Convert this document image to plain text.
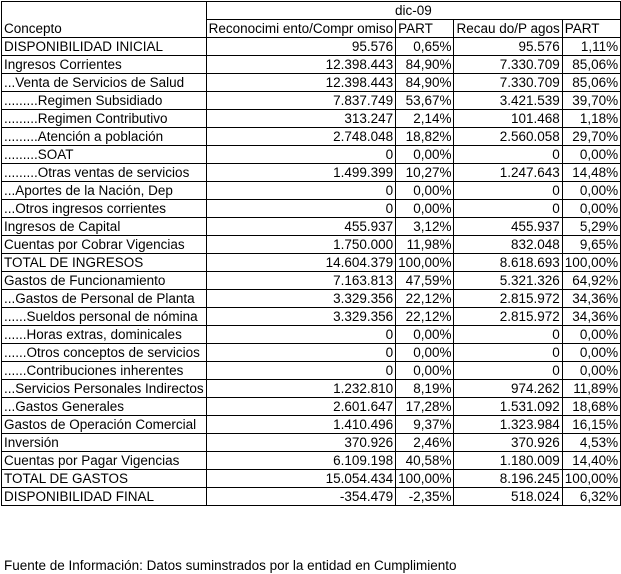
Concepto	dic-09			
	Reconocimi ento/Compr omiso	PART	Recau do/P agos	PART
DISPONIBILIDAD INICIAL	95.576	0,65%	95.576	1,11%
Ingresos Corrientes	12.398.443	84,90%	7.330.709	85,06%
...Venta de Servicios de Salud	12.398.443	84,90%	7.330.709	85,06%
.........Regimen Subsidiado	7.837.749	53,67%	3.421.539	39,70%
.........Regimen Contributivo	313.247	2,14%	101.468	1,18%
.........Atención a población	2.748.048	18,82%	2.560.058	29,70%
.........SOAT	0	0,00%	0	0,00%
.........Otras ventas de servicios	1.499.399	10,27%	1.247.643	14,48%
...Aportes de la Nación, Dep	0	0,00%	0	0,00%
...Otros ingresos corrientes	0	0,00%	0	0,00%
Ingresos de Capital	455.937	3,12%	455.937	5,29%
Cuentas por Cobrar Vigencias	1.750.000	11,98%	832.048	9,65%
TOTAL DE INGRESOS	14.604.379	100,00%	8.618.693	100,00%
Gastos de Funcionamiento	7.163.813	47,59%	5.321.326	64,92%
...Gastos de Personal de Planta	3.329.356	22,12%	2.815.972	34,36%
......Sueldos personal de nómina	3.329.356	22,12%	2.815.972	34,36%
......Horas extras, dominicales	0	0,00%	0	0,00%
......Otros conceptos de servicios	0	0,00%	0	0,00%
......Contribuciones inherentes	0	0,00%	0	0,00%
...Servicios Personales Indirectos	1.232.810	8,19%	974.262	11,89%
...Gastos Generales	2.601.647	17,28%	1.531.092	18,68%
Gastos de Operación Comercial	1.410.496	9,37%	1.323.984	16,15%
Inversión	370.926	2,46%	370.926	4,53%
Cuentas por Pagar Vigencias	6.109.198	40,58%	1.180.009	14,40%
TOTAL DE GASTOS	15.054.434	100,00%	8.196.245	100,00%
DISPONIBILIDAD FINAL	-354.479	-2,35%	518.024	6,32%
Fuente de Información: Datos suminstrados por la entidad en Cumplimiento
